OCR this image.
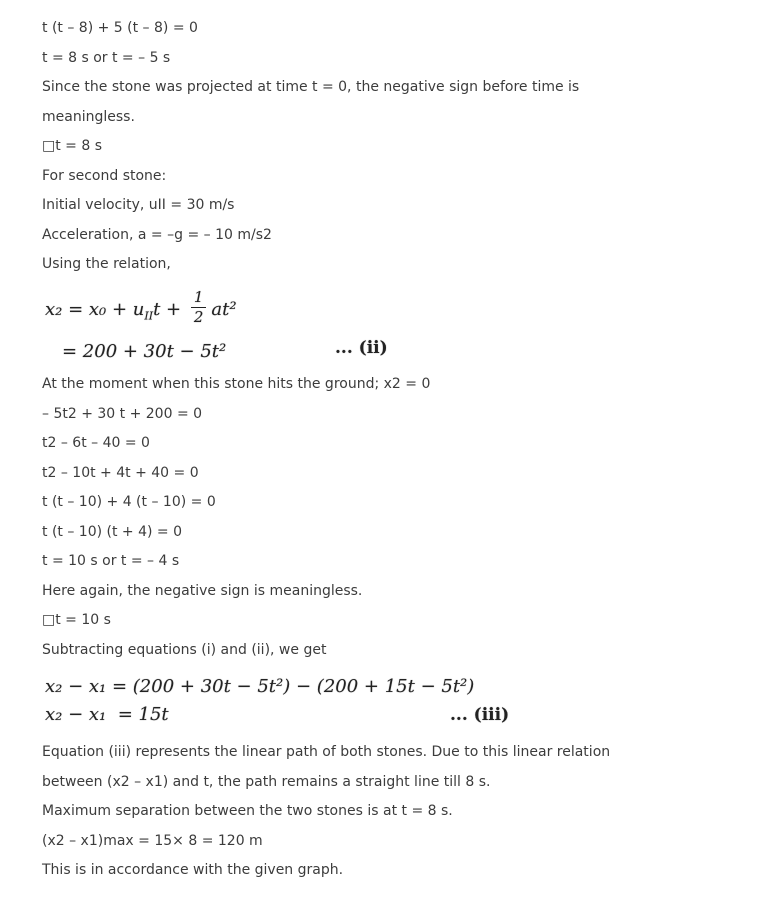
t (t – 8) + 5 (t – 8) = 0
t = 8 s or t = – 5 s
Since the stone was projected at time t = 0, the negative sign before time is
meaningless.
□t = 8 s
For second stone:
Initial velocity, uII = 30 m/s
Acceleration, a = –g = – 10 m/s2
Using the relation,
$x_2 = x_0 + u_{II}t + \frac{1}{2} at^2$
= 200 + 30t − 5t²	... (ii)
At the moment when this stone hits the ground; x2 = 0
– 5t2 + 30 t + 200 = 0
t2 – 6t – 40 = 0
t2 – 10t + 4t + 40 = 0
t (t – 10) + 4 (t – 10) = 0
t (t – 10) (t + 4) = 0
t = 10 s or t = – 4 s
Here again, the negative sign is meaningless.
□t = 10 s
Subtracting equations (i) and (ii), we get
x₂ − x₁ = (200 + 30t − 5t²) − (200 + 15t − 5t²)
x₂ − x₁  = 15t	... (iii)
Equation (iii) represents the linear path of both stones. Due to this linear relation
between (x2 – x1) and t, the path remains a straight line till 8 s.
Maximum separation between the two stones is at t = 8 s.
(x2 – x1)max = 15× 8 = 120 m
This is in accordance with the given graph.
